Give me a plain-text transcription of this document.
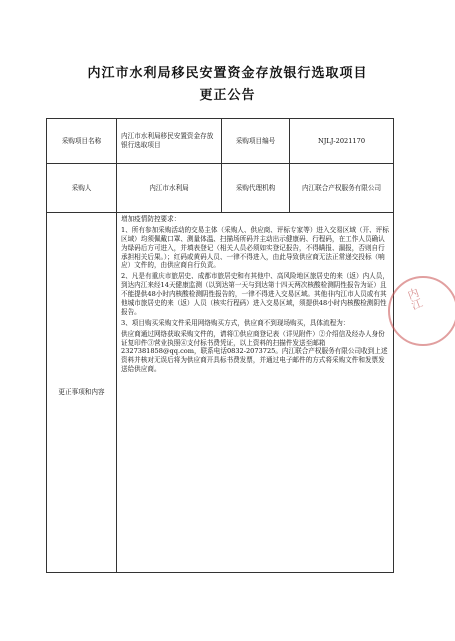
内江市水利局移民安置资金存放银行选取项目
更正公告
采购项目名称	内江市水利局移民安置资金存放银行选取项目	采购项目编号	NJLJ-2021170
采购人	内江市水利局	采购代理机构	内江联合产权服务有限公司
更正事项和内容	增加疫情防控要求：

1、所有参加采购活动的交易主体（采购人、供应商、评标专家等）进入交易区域（开、评标区域）均须佩戴口罩、测量体温、扫描场所码并主动出示健康码、行程码，在工作人员确认为绿码后方可进入，并填表登记（相关人员必须如实登记报告，不得瞒报、漏报，否则自行承担相关后果。）；红码或黄码人员、一律不得进入，由此导致供应商无法正常递交投标（响应）文件的，由供应商自行负责。

2、凡是有重庆市旅居史、成都市旅居史和有其他中、高风险地区旅居史的来（返）内人员，到达内江来经14天健康监测（以到达第一天与到达第十四天两次核酸检测阴性报告为证）且不能提供48小时内核酸检测阴性报告的，一律不得进入交易区域。其他非内江市人员或有其他城市旅居史的来（返）人员（核实行程码）进入交易区域，须提供48小时内核酸检测阴性报告。

3、项目购买采购文件采用网络购买方式，供应商不到现场购买，具体流程为：

供应商通过网络获取采购文件的，请将①供应商登记表（详见附件）②介绍信及经办人身份证复印件③营业执照④支付标书费凭证，以上资料的扫描件发送至邮箱2327381858@qq.com，联系电话0832-2073725。内江联合产权服务有限公司收到上述资料并核对无误后将为供应商开具标书费发票，并通过电子邮件的方式将采购文件和发票发送给供应商。		

内江
